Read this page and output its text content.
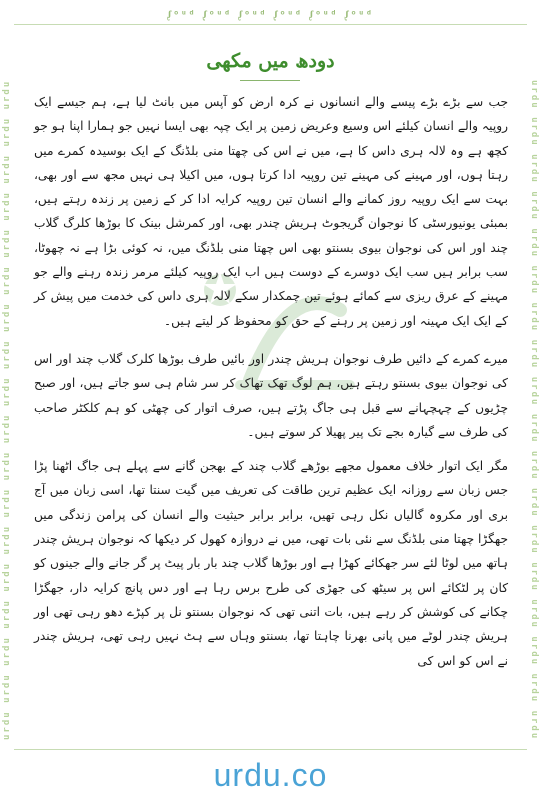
ᶘᵒᵘᵈ ᶘᵒᵘᵈ ᶘᵒᵘᵈ ᶘᵒᵘᵈ ᶘᵒᵘᵈ ᶘᵒᵘᵈ
urdu urdu urdu urdu urdu urdu urdu urdu urdu urdu urdu urdu urdu urdu urdu urdu urdu urdu	urdu urdu urdu urdu urdu urdu urdu urdu urdu urdu urdu urdu urdu urdu urdu urdu urdu urdu
دودھ میں مکھی

جب سے بڑے بڑے پیسے والے انسانوں نے کرہ ارض کو آپس میں بانٹ لیا ہے، ہم جیسے ایک روپیہ والے انسان کیلئے اس وسیع وعریض زمین پر ایک چپہ بھی ایسا نہیں جو ہمارا اپنا ہو جو کچھ ہے وہ لالہ ہری داس کا ہے، میں نے اس کی چھتا منی بلڈنگ کے ایک بوسیدہ کمرے میں رہتا ہوں، اور مہینے کی مہینے تین روپیہ ادا کرتا ہوں، میں اکیلا ہی نہیں مجھ سے اور بھی، بہت سے ایک روپیہ روز کمانے والے انسان تین روپیہ کرایہ ادا کر کے زمین پر زندہ رہتے ہیں، بمبئی یونیورسٹی کا نوجوان گریجوٹ ہریش چندر بھی، اور کمرشل بینک کا بوڑھا کلرگ گلاب چند اور اس کی نوجوان بیوی بسنتو بھی اس چھتا منی بلڈنگ میں، نہ کوئی بڑا ہے نہ چھوٹا، سب برابر ہیں سب ایک دوسرے کے دوست ہیں اب ایک روپیہ کیلئے مرمر زندہ رہنے والے جو مہینے کے عرق ریزی سے کمائے ہوئے تین چمکدار سکے لالہ ہری داس کی خدمت میں پیش کر کے ایک ایک مہینہ اور زمین پر رہنے کے حق کو محفوظ کر لیتے ہیں۔

میرے کمرے کے دائیں طرف نوجوان ہریش چندر اور بائیں طرف بوڑھا کلرک گلاب چند اور اس کی نوجوان بیوی بسنتو رہتے ہیں، ہم لوگ تھک تھاک کر سر شام ہی سو جاتے ہیں، اور صبح چڑیوں کے چہچہانے سے قبل ہی جاگ پڑتے ہیں، صرف اتوار کی چھٹی کو ہم کلکٹر صاحب کی طرف سے گیارہ بجے تک پیر پھیلا کر سوتے ہیں۔

مگر ایک اتوار خلاف معمول مجھے بوڑھے گلاب چند کے بھجن گانے سے پہلے ہی جاگ اٹھنا پڑا جس زبان سے روزانہ ایک عظیم ترین طاقت کی تعریف میں گیت سنتا تھا، اسی زبان میں آج بری اور مکروہ گالیاں نکل رہی تھیں، برابر برابر حیثیت والے انسان کی پرامن زندگی میں جھگڑا چھتا منی بلڈنگ سے نئی بات تھی، میں نے دروازہ کھول کر دیکھا کہ نوجوان ہریش چندر ہاتھ میں لوٹا لئے سر جھکائے کھڑا ہے اور بوڑھا گلاب چند بار بار پیٹ پر گر جانے والے جینوں کو کان پر لٹکائے اس پر سیٹھ کی جھڑی کی طرح برس رہا ہے اور دس پانچ کرایہ دار، جھگڑا چکانے کی کوشش کر رہے ہیں، بات اتنی تھی کہ نوجوان بسنتو نل پر کپڑے دھو رہی تھی اور ہریش چندر لوٹے میں پانی بھرنا چاہتا تھا، بسنتو وہاں سے ہٹ نہیں رہی تھی، ہریش چندر نے اس کو اس کی

urdu.co
